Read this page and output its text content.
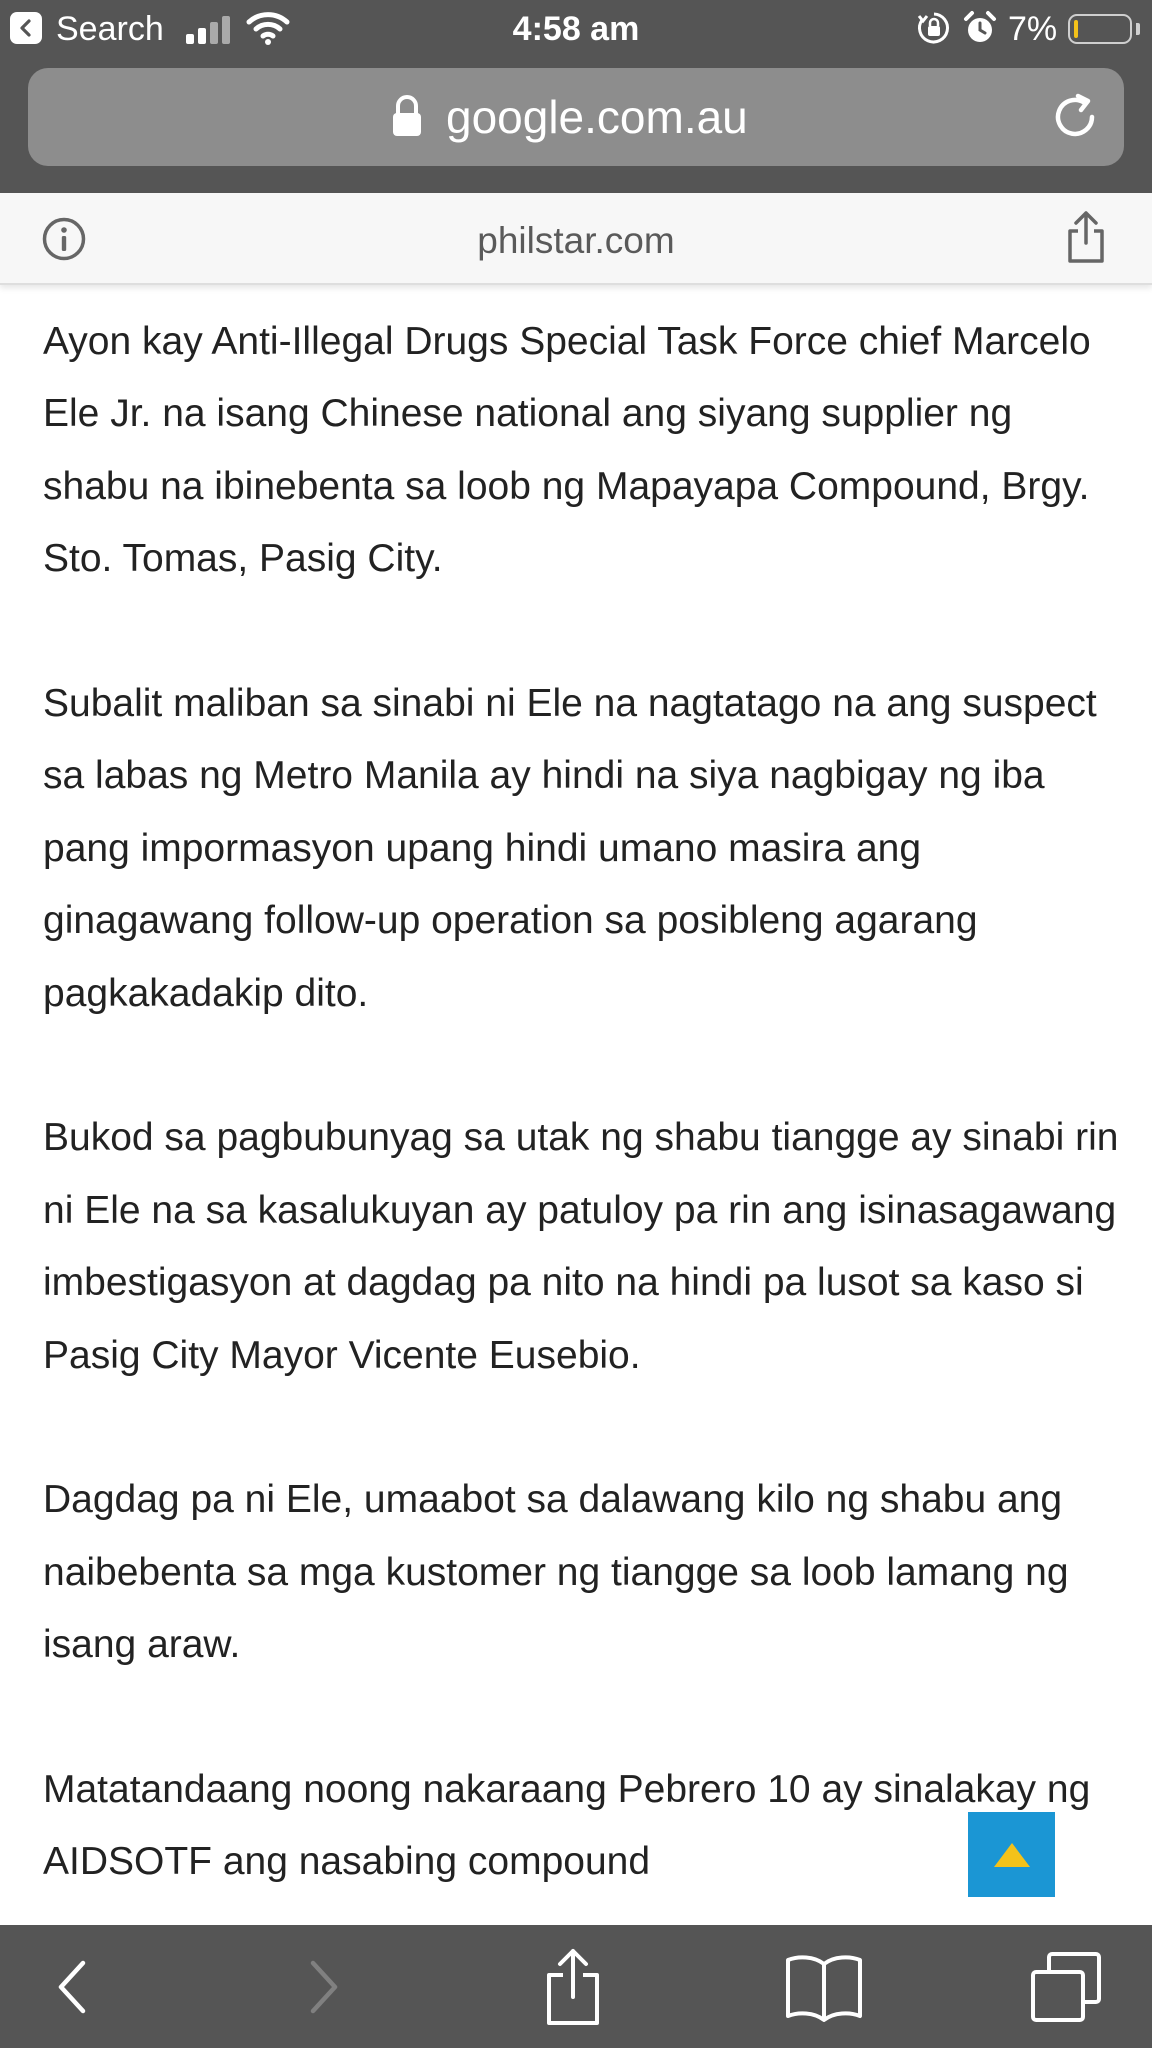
Search	4:58 am	7%
google.com.au
philstar.com

Ayon kay Anti-Illegal Drugs Special Task Force chief Marcelo Ele Jr. na isang Chinese national ang siyang supplier ng shabu na ibinebenta sa loob ng Mapayapa Compound, Brgy. Sto. Tomas, Pasig City.

Subalit maliban sa sinabi ni Ele na nagtatago na ang suspect sa labas ng Metro Manila ay hindi na siya nagbigay ng iba pang impormasyon upang hindi umano masira ang ginagawang follow-up operation sa posibleng agarang pagkakadakip dito.

Bukod sa pagbubunyag sa utak ng shabu tiangge ay sinabi rin ni Ele na sa kasalukuyan ay patuloy pa rin ang isinasagawang imbestigasyon at dagdag pa nito na hindi pa lusot sa kaso si Pasig City Mayor Vicente Eusebio.

Dagdag pa ni Ele, umaabot sa dalawang kilo ng shabu ang naibebenta sa mga kustomer ng tiangge sa loob lamang ng isang araw.

Matatandaang noong nakaraang Pebrero 10 ay sinalakay ng AIDSOTF ang nasabing compound
